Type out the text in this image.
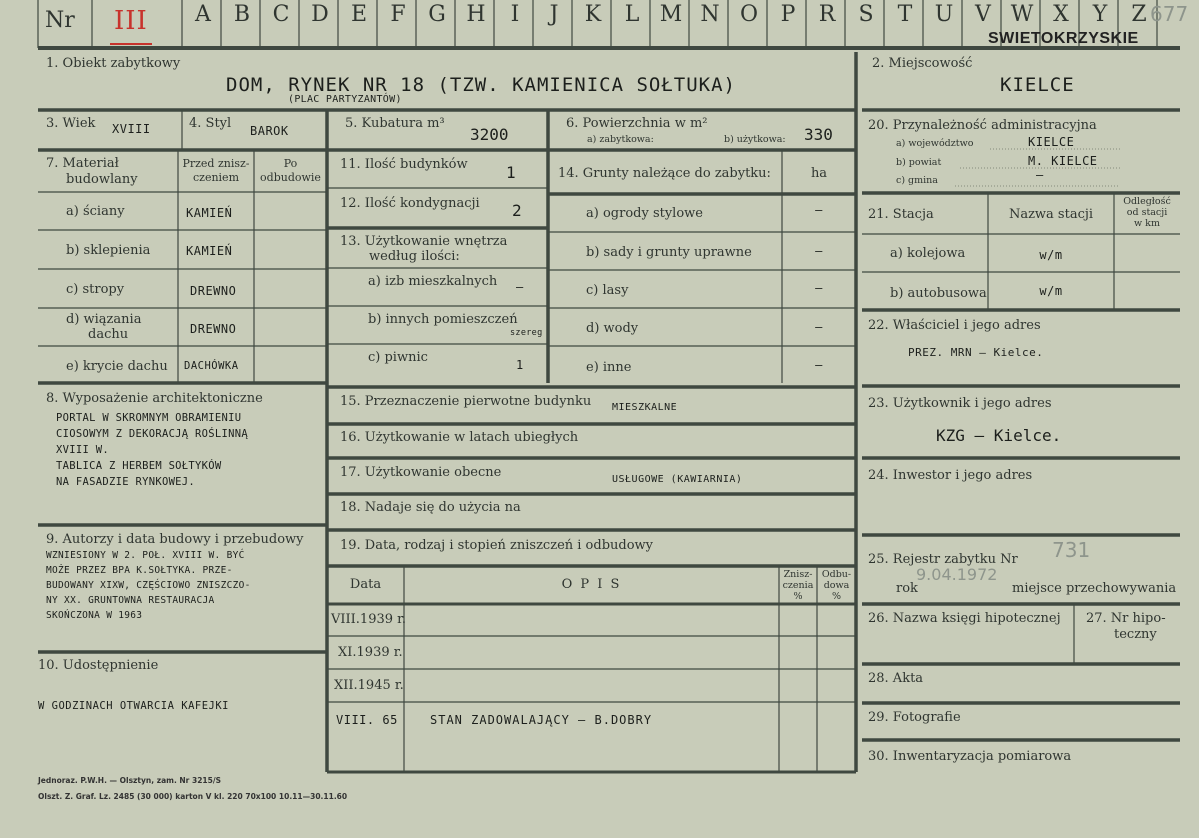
Nr III	A	B	C D	E	F	G H	I	J	K	L M N O	P	R	S	T	U V W X	Y	Z
SWIETOKRZYSKIE
677
1. Obiekt zabytkowy
DOM, RYNEK NR 18 (TZW. KAMIENICA SOŁTUKA)
(PLAC PARTYZANTÓW)
2. Miejscowość
KIELCE
3. Wiek XVIII	4. Styl BAROK
7. Materiał
budowlany
Przed znisz-
czeniem
Po
odbudowie
a) ściany	KAMIEŃ
b) sklepienia	KAMIEŃ
c) stropy	DREWNO
d) wiązania
dachu	DREWNO
e) krycie dachu DACHÓWKA
8. Wyposażenie architektoniczne
PORTAL W SKROMNYM OBRAMIENIU
CIOSOWYM Z DEKORACJĄ ROŚLINNĄ
XVIII W.
TABLICA Z HERBEM SOŁTYKÓW
NA FASADZIE RYNKOWEJ.
9. Autorzy i data budowy i przebudowy
WZNIESIONY W 2. POŁ. XVIII W. BYĆ
MOŻE PRZEZ BPA K.SOŁTYKA. PRZE-
BUDOWANY XIXW, CZĘŚCIOWO ZNISZCZO-
NY XX. GRUNTOWNA RESTAURACJA
SKOŃCZONA W 1963
10. Udostępnienie
W GODZINACH OTWARCIA KAFEJKI
5. Kubatura m³
3200
6. Powierzchnia w m²
a) zabytkowa:	b) użytkowa: 330
11. Ilość budynków 1
12. Ilość kondygnacji 2
13. Użytkowanie wnętrza
według ilości:
a) izb mieszkalnych —
b) innych pomieszczeń
szereg
c) piwnic	1
14. Grunty należące do zabytku:	ha
a) ogrody stylowe	—
b) sady i grunty uprawne	—
c) lasy	—
d) wody	—
e) inne	—
15. Przeznaczenie pierwotne budynku MIESZKALNE
16. Użytkowanie w latach ubiegłych
17. Użytkowanie obecne	USŁUGOWE (KAWIARNIA)
18. Nadaje się do użycia na
19. Data, rodzaj i stopień zniszczeń i odbudowy
Data	O P I S
Znisz-
czenia
%
Odbu-
dowa
%
VIII.1939 r.
XI.1939 r.
XII.1945 r.
VIII. 65	STAN ZADOWALAJĄCY — B.DOBRY
20. Przynależność administracyjna
a) województwo	KIELCE
b) powiat	M. KIELCE
c) gmina	—
21. Stacja	Nazwa stacji
Odległość
od stacji
w km
a) kolejowa	w/m
b) autobusowa	w/m
22. Właściciel i jego adres
PREZ. MRN — Kielce.
23. Użytkownik i jego adres
KZG — Kielce.
24. Inwestor i jego adres
25. Rejestr zabytku Nr 731
rok
9.04.1972
miejsce przechowywania
26. Nazwa księgi hipotecznej 27. Nr hipo-
teczny
28. Akta
29. Fotografie
30. Inwentaryzacja pomiarowa
Jednoraz. P.W.H. — Olsztyn, zam. Nr 3215/S
Olszt. Z. Graf. Lz. 2485 (30 000) karton V kl. 220 70x100 10.11—30.11.60
